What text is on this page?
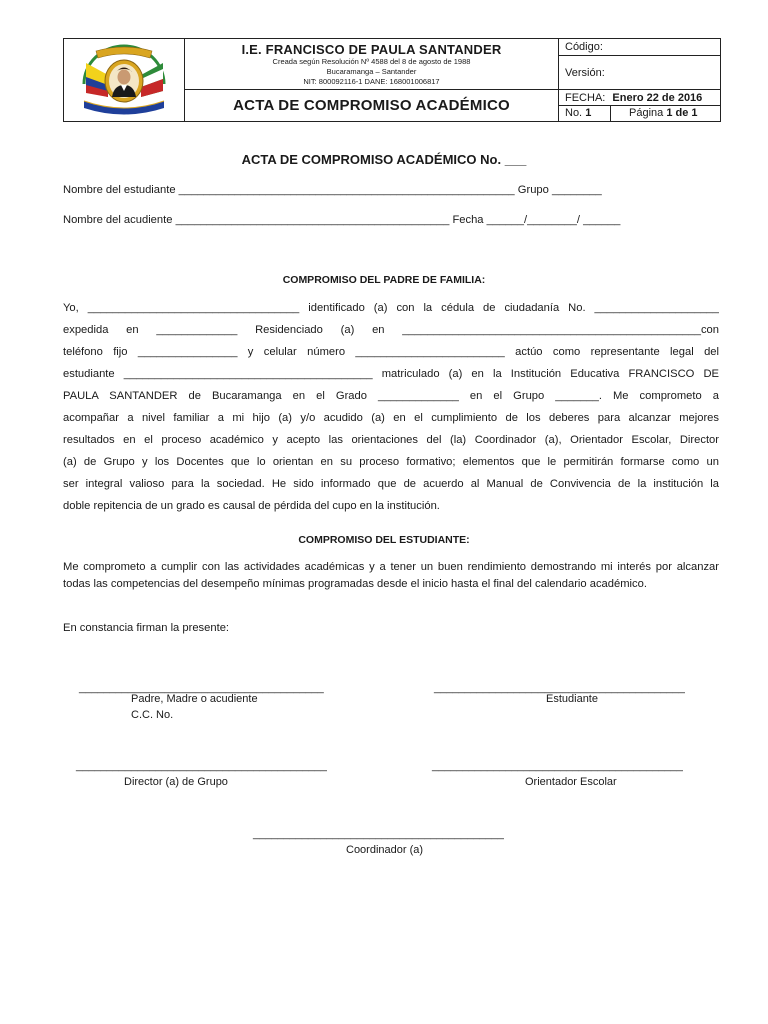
I.E. FRANCISCO DE PAULA SANTANDER
Creada según Resolución Nº 4588 del 8 de agosto de 1988
Bucaramanga – Santander
NIT: 800092116-1 DANE: 168001006817
ACTA DE COMPROMISO ACADÉMICO
Código:
Versión:
FECHA: Enero 22 de 2016
No. 1	Página 1 de 1
ACTA DE COMPROMISO ACADÉMICO No. ___
Nombre del estudiante ______________________________________________________ Grupo ________
Nombre del acudiente ____________________________________________ Fecha ______/________/ ______
COMPROMISO DEL PADRE DE FAMILIA:
Yo, __________________________________ identificado (a) con la cédula de ciudadanía No. ____________________
expedida en _____________ Residenciado (a) en ________________________________________________con
teléfono fijo ________________ y celular número ________________________ actúo como representante legal del
estudiante ________________________________________ matriculado (a) en la Institución Educativa FRANCISCO DE
PAULA SANTANDER de Bucaramanga en el Grado _____________ en el Grupo _______. Me comprometo a
acompañar a nivel familiar a mi hijo (a) y/o acudido (a) en el cumplimiento de los deberes para alcanzar mejores
resultados en el proceso académico y acepto las orientaciones del (la) Coordinador (a), Orientador Escolar, Director
(a) de Grupo y los Docentes que lo orientan en su proceso formativo; elementos que le permitirán formarse como un
ser integral valioso para la sociedad. He sido informado que de acuerdo al Manual de Convivencia de la institución la
doble repitencia de un grado es causal de pérdida del cupo en la institución.
COMPROMISO DEL ESTUDIANTE:
Me comprometo a cumplir con las actividades académicas y a tener un buen rendimiento demostrando mi interés por alcanzar todas las competencias del desempeño mínimas programadas desde el inicio hasta el final del calendario académico.
En constancia firman la presente:
________________________________________
Padre, Madre o acudiente
C.C. No.
_________________________________________
Estudiante
_________________________________________
Director (a) de Grupo
_________________________________________
Orientador Escolar
_________________________________________
Coordinador (a)
